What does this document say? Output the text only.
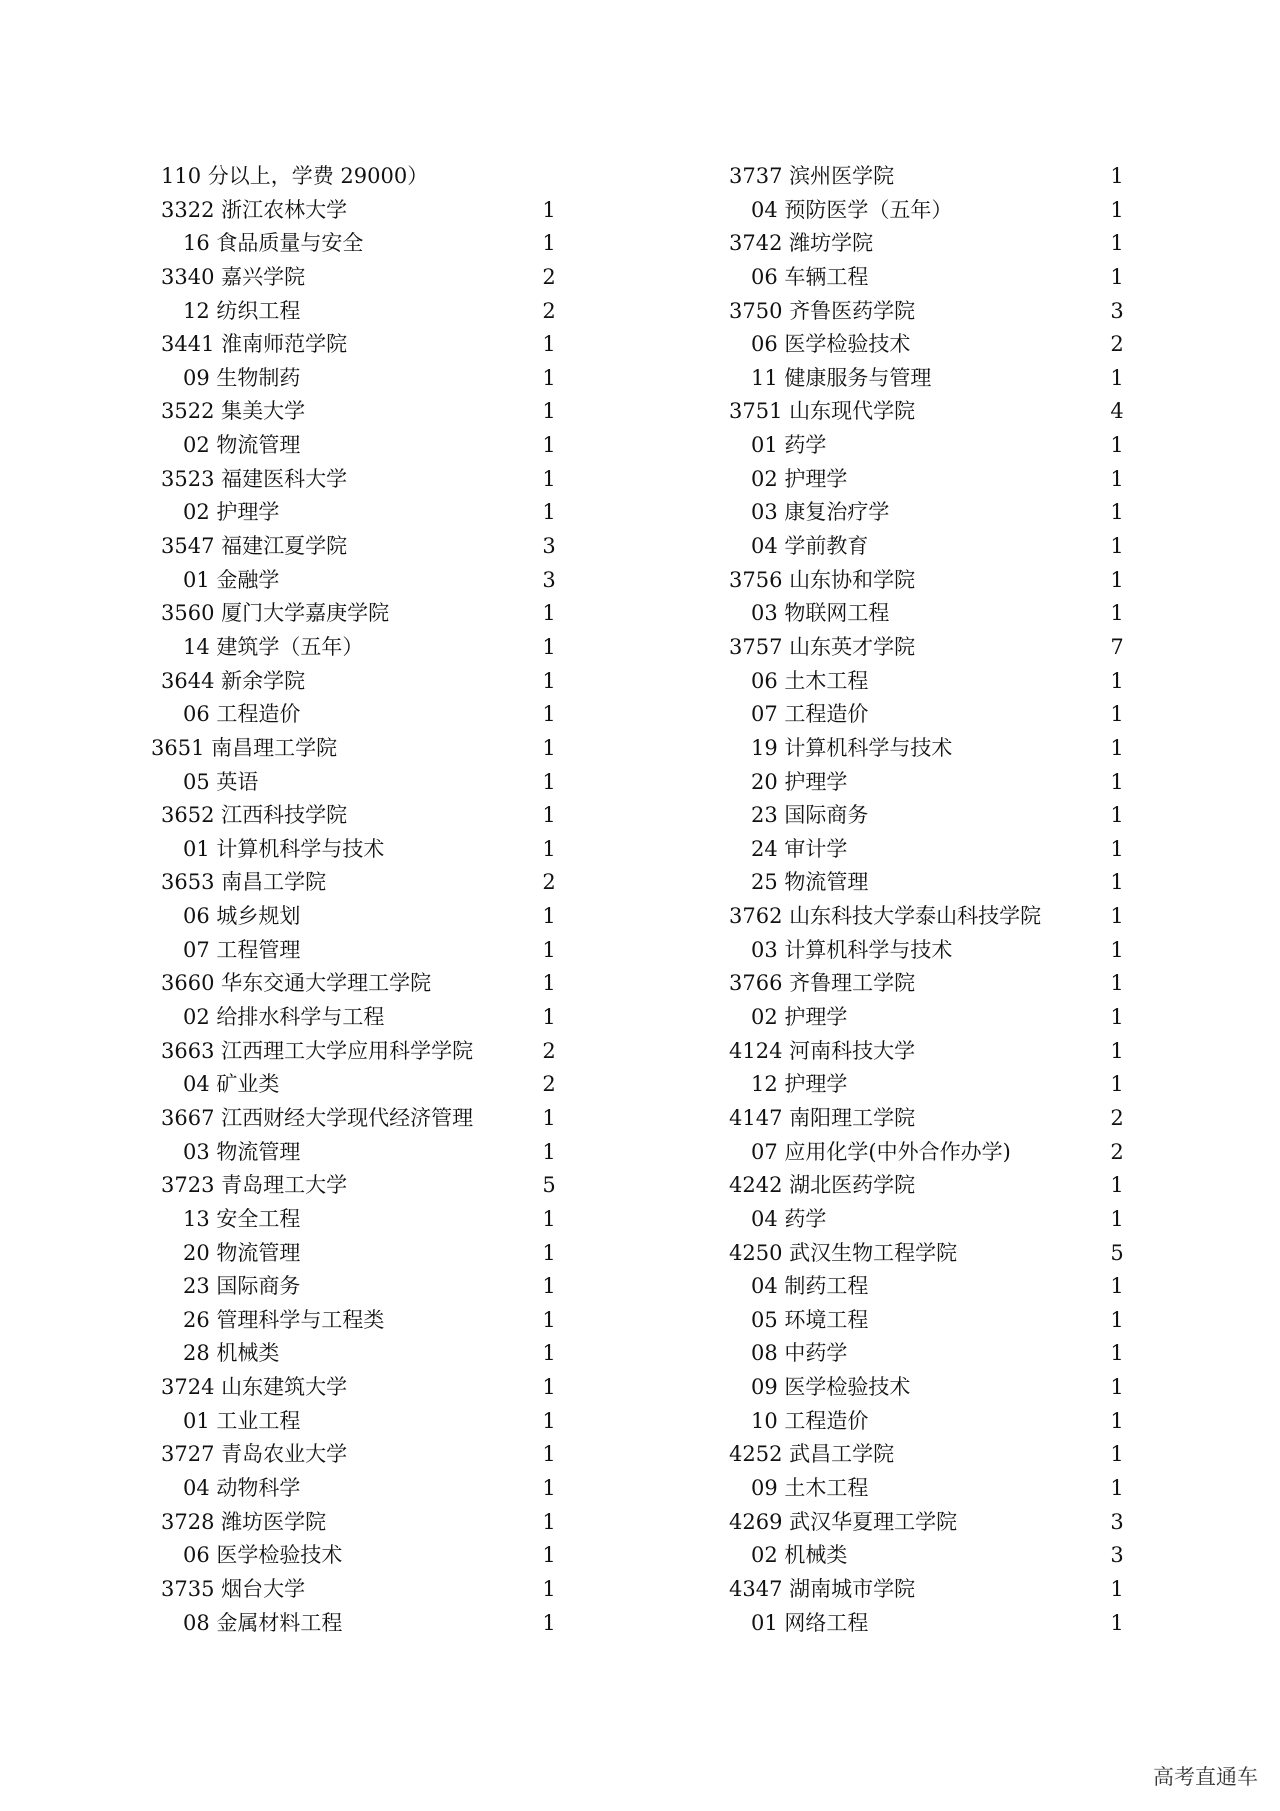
110 分以上，学费 29000）
3322 浙江农林大学	1
16 食品质量与安全	1
3340 嘉兴学院	2
12 纺织工程	2
3441 淮南师范学院	1
09 生物制药	1
3522 集美大学	1
02 物流管理	1
3523 福建医科大学	1
02 护理学	1
3547 福建江夏学院	3
01 金融学	3
3560 厦门大学嘉庚学院	1
14 建筑学（五年）	1
3644 新余学院	1
06 工程造价	1
3651 南昌理工学院	1
05 英语	1
3652 江西科技学院	1
01 计算机科学与技术	1
3653 南昌工学院	2
06 城乡规划	1
07 工程管理	1
3660 华东交通大学理工学院	1
02 给排水科学与工程	1
3663 江西理工大学应用科学学院	2
04 矿业类	2
3667 江西财经大学现代经济管理	1
03 物流管理	1
3723 青岛理工大学	5
13 安全工程	1
20 物流管理	1
23 国际商务	1
26 管理科学与工程类	1
28 机械类	1
3724 山东建筑大学	1
01 工业工程	1
3727 青岛农业大学	1
04 动物科学	1
3728 潍坊医学院	1
06 医学检验技术	1
3735 烟台大学	1
08 金属材料工程	1
3737 滨州医学院	1
04 预防医学（五年）	1
3742 潍坊学院	1
06 车辆工程	1
3750 齐鲁医药学院	3
06 医学检验技术	2
11 健康服务与管理	1
3751 山东现代学院	4
01 药学	1
02 护理学	1
03 康复治疗学	1
04 学前教育	1
3756 山东协和学院	1
03 物联网工程	1
3757 山东英才学院	7
06 土木工程	1
07 工程造价	1
19 计算机科学与技术	1
20 护理学	1
23 国际商务	1
24 审计学	1
25 物流管理	1
3762 山东科技大学泰山科技学院	1
03 计算机科学与技术	1
3766 齐鲁理工学院	1
02 护理学	1
4124 河南科技大学	1
12 护理学	1
4147 南阳理工学院	2
07 应用化学(中外合作办学)	2
4242 湖北医药学院	1
04 药学	1
4250 武汉生物工程学院	5
04 制药工程	1
05 环境工程	1
08 中药学	1
09 医学检验技术	1
10 工程造价	1
4252 武昌工学院	1
09 土木工程	1
4269 武汉华夏理工学院	3
02 机械类	3
4347 湖南城市学院	1
01 网络工程	1
高考直通车
